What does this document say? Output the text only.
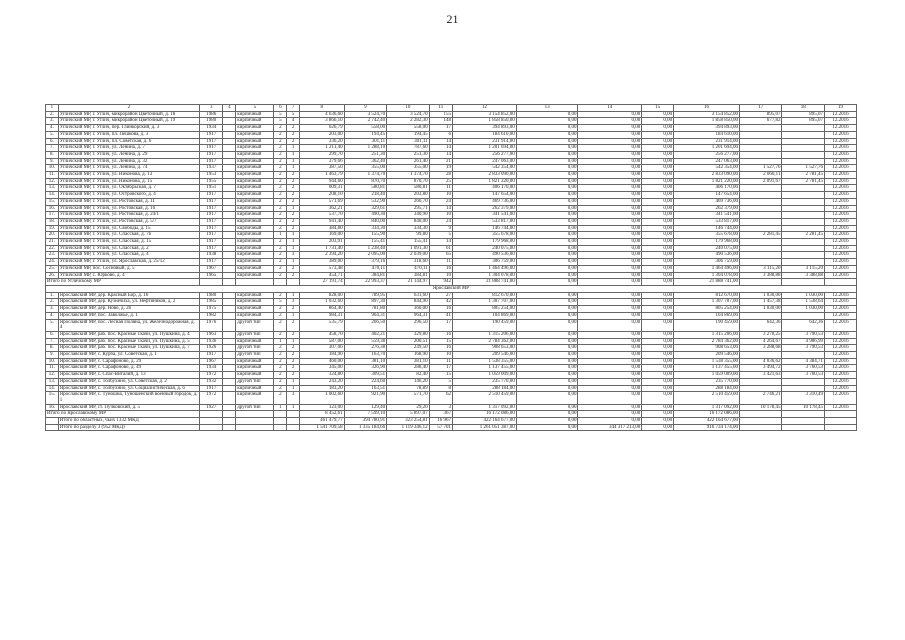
21
1	2	3	4	5	6	7	8	9	10	11	12	13	14	15	16	17	18	19
2.	Угличский МР, г. Углич, микрорайон Цветочный, д. 18	1986		кирпичный	5	5	4 636,60	3 524,70	3 524,70	155	3 154 852,00	0,00	0,00	0,00	3 154 852,00	895,07	895,07	12.2016
3.	Угличский МР, г. Углич, микрорайон Цветочный, д. 19	1980		кирпичный	5	4	3 866,10	2 742,40	2 282,30	148	1 858 850,00	0,00	0,00	0,00	1 858 850,00	677,82	895,07	12.2016
4.	Угличский МР, г. Углич, пер. Глинкорский, д. 3	1934		кирпичный	2	2	626,79	558,00	558,00	17	394 893,00	0,00	0,00	0,00	394 893,00			12.2016
5.	Угличский МР, г. Углич, пл. Пешкова, д. 3	1917		кирпичный	2	2	203,00	194,45	194,45	6	184 610,00	0,00	0,00	0,00	184 610,00			12.2016
6.	Угличский МР, г. Углич, пл. Советская, д. 6	1917		кирпичный	2	2	336,20	301,11	301,11	14	231 914,00	0,00	0,00	0,00	231 914,00			12.2016
7.	Угличский МР, г. Углич, ул. Ленина, д. 7	1917		кирпичный	2	1	1 211,40	1 288,10	787,60	14	1 201 694,00	0,00	0,00	0,00	1 201 694,00			12.2016
8.	Угличский МР, г. Углич, ул. Ленина, д. 29	1917		кирпичный	2	1	299,70	251,30	251,30	14	256 277,00	0,00	0,00	0,00	256 277,00			12.2016
9.	Угличский МР, г. Углич, ул. Ленина, д. 32	1917		кирпичный	2	1	379,66	362,40	261,40	21	247 063,00	0,00	0,00	0,00	247 063,00			12.2016
10.	Угличский МР, г. Углич, ул. Ленина, д. 74	1937		кирпичный	2	1	387,50	355,00	355,00	19	542 354,00	0,00	0,00	0,00	542 354,00	1 527,76	1 527,76	12.2016
11.	Угличский МР, г. Углич, ул. Никонова, д. 13	1953		кирпичный	2	2	1 463,79	1 374,70	1 374,70	28	2 833 090,00	0,00	0,00	0,00	2 833 090,00	2 060,11	2 781,45	12.2016
12.	Угличский МР, г. Углич, ул. Никонова, д. 15	1955		кирпичный	2	2	944,60	870,70	870,70	25	1 821 220,00	0,00	0,00	0,00	1 821 220,00	2 091,67	2 781,45	12.2016
13.	Угличский МР, г. Углич, ул. Октябрьская, д. 7	1951		кирпичный	2	2	609,31	580,81	580,81	11	406 170,00	0,00	0,00	0,00	406 170,00			12.2016
14.	Угличский МР, г. Углич, ул. Островского, д. 4	1917		кирпичный	2	2	208,10	218,40	203,80	10	147 654,00	0,00	0,00	0,00	147 654,00			12.2016
15.	Угличский МР, г. Углич, ул. Ростовская, д. 11	1917		кирпичный	2	2	571,69	532,90	266,70	24	469 736,00	0,00	0,00	0,00	469 736,00			12.2016
16.	Угличский МР, г. Углич, ул. Ростовская, д. 16	1917		кирпичный	2	1	362,21	329,61	295,71	14	262 379,00	0,00	0,00	0,00	262 379,00			12.2016
17.	Угличский МР, г. Углич, ул. Ростовская, д. 24/1	1917		кирпичный	2	2	537,70	490,30	340,90	10	341 541,00	0,00	0,00	0,00	341 541,00			12.2016
18.	Угличский МР, г. Углич, ул. Ростовская, д. 5/7	1917		кирпичный	2	2	941,40	840,00	840,00	24	533 817,00	0,00	0,00	0,00	533 817,00			12.2016
19.	Угличский МР, г. Углич, ул. Свободы, д. 15	1917		кирпичный	2	2	384,80	334,30	334,30	9	146 744,00	0,00	0,00	0,00	146 744,00			12.2016
20.	Угличский МР, г. Углич, ул. Спасская, д. 7б	1917		кирпичный	1	1	169,00	155,90	99,80	5	355 678,00	0,00	0,00	0,00	355 678,00	2 281,45	2 281,45	12.2016
21.	Угличский МР, г. Углич, ул. Спасская, д. 15	1917		кирпичный	2	1	203,91	155,41	155,41	14	179 968,00	0,00	0,00	0,00	179 968,00			12.2016
22.	Угличский МР, г. Углич, ул. Спасская, д. 2	1917		кирпичный	2	1	1 731,40	1 238,40	1 091,30	61	240 075,00	0,00	0,00	0,00	240 075,00			12.2016
23.	Угличский МР, г. Углич, ул. Спасская, д. 4	1938		кирпичный	2	3	2 394,20	2 095,00	2 039,00	65	490 536,00	0,00	0,00	0,00	490 536,00			12.2016
24.	Угличский МР, г. Углич, ул. Ярославская, д. 25/12	1917		кирпичный	2	1	389,00	379,16	318,60	11	306 759,00	0,00	0,00	0,00	306 759,00			12.2016
25.	Угличский МР, пос. Сосновый, д. 5	1967		кирпичный	2	2	573,48	470,11	470,11	16	1 464 496,00	0,00	0,00	0,00	1 464 496,00	3 115,20	3 115,20	12.2016
26.	Угличский МР, с. Юрково, д. 4	1965		кирпичный	2	2	454,71	384,81	384,81	10	1 304 078,00	0,00	0,00	0,00	1 304 078,00	3 388,88	3 388,88	12.2016
Итого по Угличскому МР							27 191,74	22 993,37	21 144,97	942	21 888 741,00	0,00	0,00	0,00	21 888 741,00			
Ярославский МР																		
1.	Ярославский МР, дер. Красный Бор, д. 16	1980		кирпичный	2	1	828,00	789,95	631,60	27	812 670,00	0,00	0,00	0,00	812 670,00	1 030,00	1 030,00	12.2016
2.	Ярославский МР, дер. Кузнечиха, ул. Нефтяников, д. 2	1985		кирпичный	5	3	1 032,60	897,30	844,90	42	1 307 707,00	0,00	0,00	0,00	1 307 707,00	1 457,38	1 538,64	12.2016
3.	Ярославский МР, дер. Ново, д. 2б	1975		кирпичный	2	2	864,40	781,80	360,00	16	805 254,00	0,00	0,00	0,00	805 254,00	1 030,00	1 030,00	12.2016
4.	Ярославский МР, пос. Заволжье, д. 1	1982		кирпичный	2	1	984,31	964,31	964,31	41	104 869,00	0,00	0,00	0,00	104 869,00			12.2016
5.	Ярославский МР, пос. Лесная Поляна, ул. Железнодорожная, д. 4	1976		другой тип	2	2	535,79	266,50	296,50	17	190 459,00	0,00	0,00	0,00	190 459,00	642,36	642,36	12.2016
6.	Ярославский МР, раб. пос. Красные Ткачи, ул. Пушкина, д. 4	1963		другой тип	2	2	458,70	402,21	329,80	16	1 315 206,00	0,00	0,00	0,00	1 315 206,00	3 270,25	3 790,53	12.2016
7.	Ярославский МР, раб. пос. Красные Ткачи, ул. Пушкина, д. 5	1936		кирпичный	1	1	587,00	559,38	200,51	15	2 784 362,00	0,00	0,00	0,00	2 784 362,00	4 264,67	4 986,99	12.2016
8.	Ярославский МР, раб. пос. Красные Ткачи, ул. Пушкина, д. 7	1926		другой тип	2	2	307,06	276,38	249,50	16	908 653,00	0,00	0,00	0,00	908 653,00	3 288,68	3 790,53	12.2016
9.	Ярославский МР, с. Курба, ул. Советская, д. 1	1917		другой тип	2	2	184,90	163,70	168,90	10	209 546,00	0,00	0,00	0,00	209 546,00			12.2016
10.	Ярославский МР, с. Сарафоново, д. 29	1967		кирпичный	2	2	460,00	381,10	381,10	11	1 538 355,00	0,00	0,00	0,00	1 538 355,00	4 036,62	4 384,71	12.2016
11.	Ярославский МР, с. Сарафоново, д. 49	1934		кирпичный	2	2	345,00	326,90	288,40	17	1 137 455,00	0,00	0,00	0,00	1 137 455,00	3 494,72	3 760,53	12.2016
12.	Ярославский МР, с. Спас-Виталий, д. 13	1972		кирпичный	2	2	324,80	309,51	82,40	15	1 059 009,00	0,00	0,00	0,00	1 059 009,00	3 421,63	3 760,53	12.2016
13.	Ярославский МР, с. Толбухино, ул. Советская, д. 2	1932		другой тип	2	1	243,20	224,60	146,20	5	235 770,00	0,00	0,00	0,00	235 770,00			12.2016
14.	Ярославский МР, с. Толбухино, ул. Социалистическая, д. 6	1917		кирпичный	2	1	183,20	163,51	78,89	8	288 184,00	0,00	0,00	0,00	288 184,00			12.2016
15.	Ярославский МР, с. Туношна, Туношенский военный городок, д. 1	1972		кирпичный	2	3	1 002,60	921,90	571,70	62	2 510 459,00	0,00	0,00	0,00	2 510 459,00	2 746,21	3 310,49	12.2016
16.	Ярославский МР, ст. Пучковский, д. 5	1927		другой тип	1	1	123,00	129,40	29,20	3	1 317 092,00	0,00	0,00	0,00	1 317 092,00	10 178,45	10 178,45	12.2016
Итого по Ярославскому МР							8 452,61	7 599,10	5 897,07	367	16 172 086,00	0,00	0,00	0,00	16 172 086,00			
	Итого по областных, чьих 1332 МКД						461 479,77	394 780,91	323 254,81	16 967	422 164 677,00	0,00	0,00	0,00	422 164 677,00			
	Итого по разделу 3 (952 МКД)						1 541 709,58	1 335 184,66	1 119 346,12	57 701	1 261 051 387,00	0,00	344 317 213,00	0,00	916 734 174,00			
